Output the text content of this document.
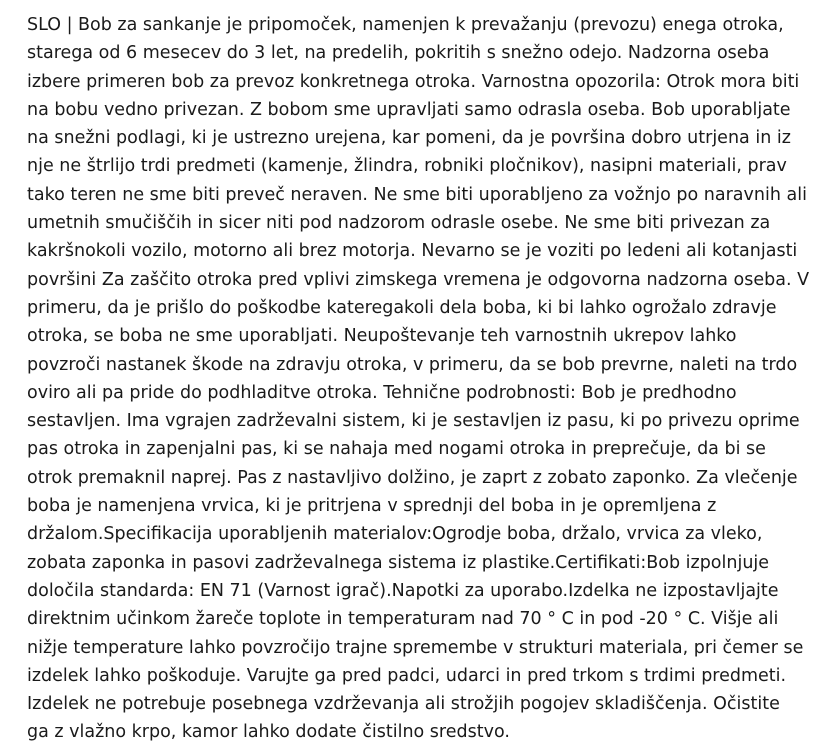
SLO | Bob za sankanje je pripomoček, namenjen k prevažanju (prevozu) enega otroka,
starega od 6 mesecev do 3 let, na predelih, pokritih s snežno odejo. Nadzorna oseba
izbere primeren bob za prevoz konkretnega otroka. Varnostna opozorila: Otrok mora biti
na bobu vedno privezan. Z bobom sme upravljati samo odrasla oseba. Bob uporabljate
na snežni podlagi, ki je ustrezno urejena, kar pomeni, da je površina dobro utrjena in iz
nje ne štrlijo trdi predmeti (kamenje, žlindra, robniki pločnikov), nasipni materiali, prav
tako teren ne sme biti preveč neraven. Ne sme biti uporabljeno za vožnjo po naravnih ali
umetnih smučiščih in sicer niti pod nadzorom odrasle osebe. Ne sme biti privezan za
kakršnokoli vozilo, motorno ali brez motorja. Nevarno se je voziti po ledeni ali kotanjasti
površini Za zaščito otroka pred vplivi zimskega vremena je odgovorna nadzorna oseba. V
primeru, da je prišlo do poškodbe kateregakoli dela boba, ki bi lahko ogrožalo zdravje
otroka, se boba ne sme uporabljati. Neupoštevanje teh varnostnih ukrepov lahko
povzroči nastanek škode na zdravju otroka, v primeru, da se bob prevrne, naleti na trdo
oviro ali pa pride do podhladitve otroka. Tehnične podrobnosti: Bob je predhodno
sestavljen. Ima vgrajen zadrževalni sistem, ki je sestavljen iz pasu, ki po privezu oprime
pas otroka in zapenjalni pas, ki se nahaja med nogami otroka in preprečuje, da bi se
otrok premaknil naprej. Pas z nastavljivo dolžino, je zaprt z zobato zaponko. Za vlečenje
boba je namenjena vrvica, ki je pritrjena v sprednji del boba in je opremljena z
držalom.Specifikacija uporabljenih materialov:Ogrodje boba, držalo, vrvica za vleko,
zobata zaponka in pasovi zadrževalnega sistema iz plastike.Certifikati:Bob izpolnjuje
določila standarda: EN 71 (Varnost igrač).Napotki za uporabo.Izdelka ne izpostavljajte
direktnim učinkom žareče toplote in temperaturam nad 70 ° C in pod -20 ° C. Višje ali
nižje temperature lahko povzročijo trajne spremembe v strukturi materiala, pri čemer se
izdelek lahko poškoduje. Varujte ga pred padci, udarci in pred trkom s trdimi predmeti.
Izdelek ne potrebuje posebnega vzdrževanja ali strožjih pogojev skladiščenja. Očistite
ga z vlažno krpo, kamor lahko dodate čistilno sredstvo.
